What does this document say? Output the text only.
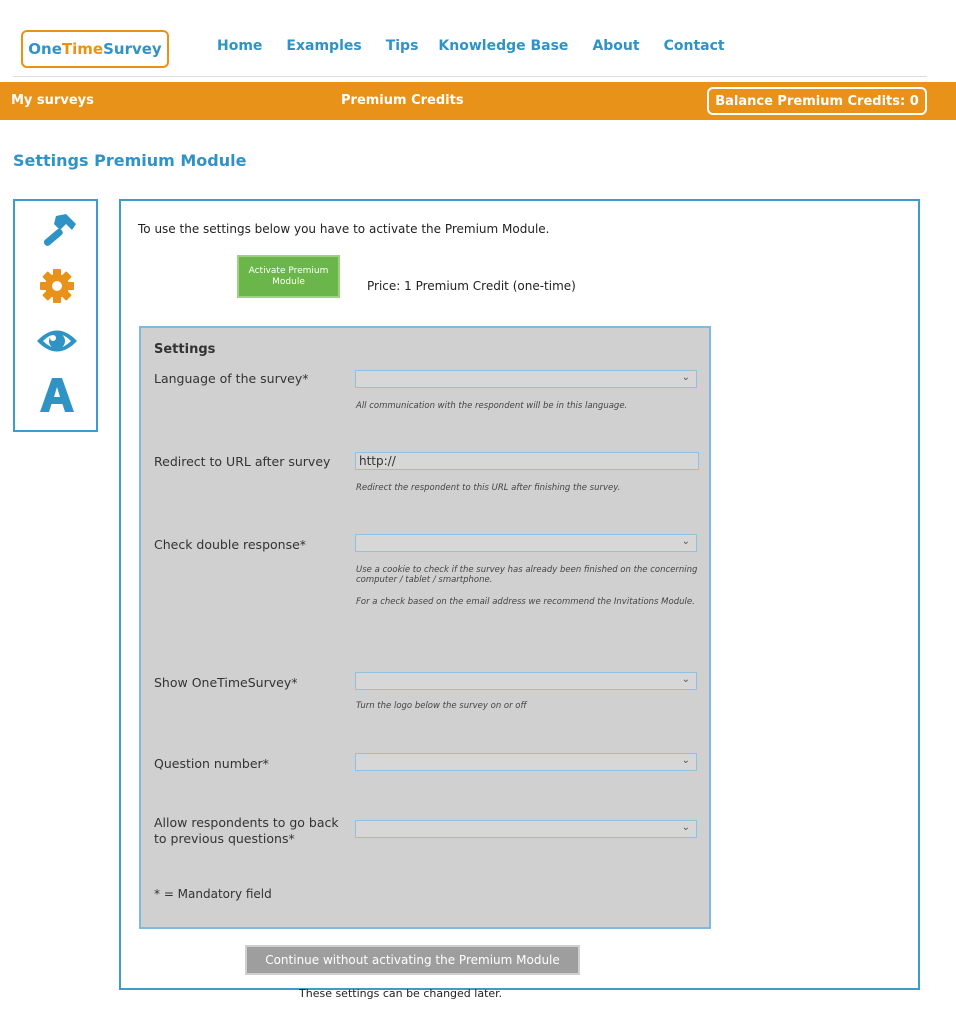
One Time Survey	Home Examples Tips Knowledge Base About Contact
My surveys	Premium Credits	Balance Premium Credits: 0
Settings Premium Module
To use the settings below you have to activate the Premium Module.
Activate Premium Module	Price: 1 Premium Credit (one-time)
Settings
Language of the survey*	⌄
All communication with the respondent will be in this language.
Redirect to URL after survey	http://
Redirect the respondent to this URL after finishing the survey.
Check double response*	⌄
Use a cookie to check if the survey has already been finished on the concerning computer / tablet / smartphone.
For a check based on the email address we recommend the Invitations Module.
Show OneTimeSurvey*	⌄
Turn the logo below the survey on or off
Question number*	⌄
Allow respondents to go back to previous questions*
⌄
* = Mandatory field
Continue without activating the Premium Module
These settings can be changed later.
